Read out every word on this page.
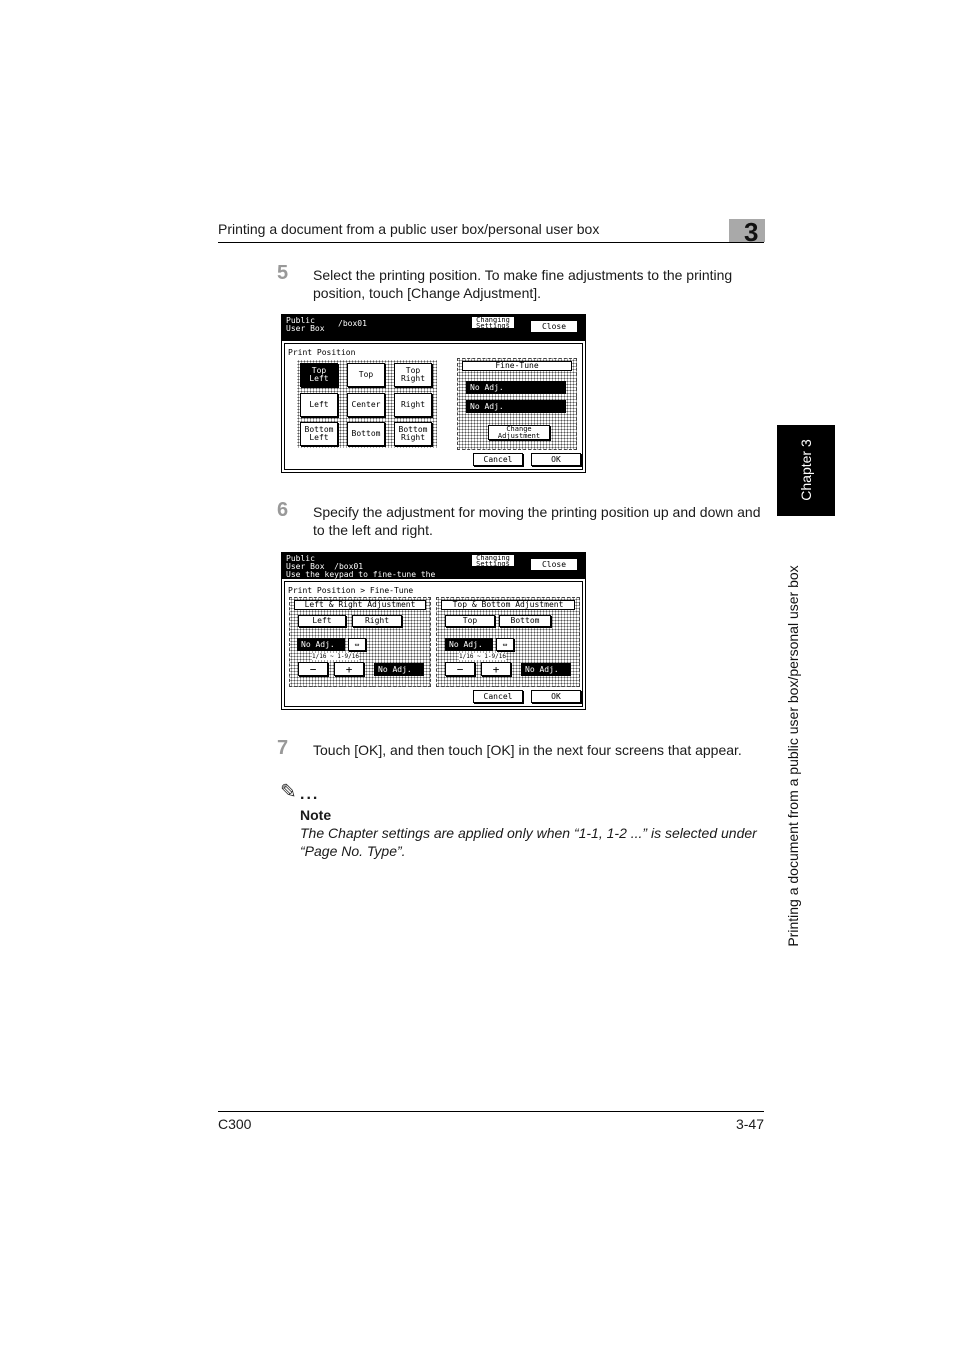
Printing a document from a public user box/personal user box	3
Chapter 3
Printing a document from a public user box/personal user box
5 Select the printing position. To make fine adjustments to the printing position, touch [Change Adjustment].
Public
User Box
/box01	Changing Settings	Close
Print Position
Top Left	Top	Top Right
Left	Center	Right
Bottom Left	Bottom	Bottom Right
Fine-Tune
No Adj.
No Adj.
Change Adjustment
Cancel	OK
6 Specify the adjustment for moving the printing position up and down and to the left and right.
Public
User Box /box01
Use the keypad to fine-tune the
Changing Settings	Close
Print Position > Fine-Tune
Left & Right Adjustment
Left	Right
No Adj.	⇔
1/16 ~ 1-9/16
−	+	No Adj.
Top & Bottom Adjustment
Top	Bottom
No Adj.	⇔
1/16 ~ 1-9/16
−	+	No Adj.
Cancel	OK
7 Touch [OK], and then touch [OK] in the next four screens that appear.
✎ ...
Note
The Chapter settings are applied only when “1-1, 1-2 ...” is selected under “Page No. Type”.
C300	3-47
